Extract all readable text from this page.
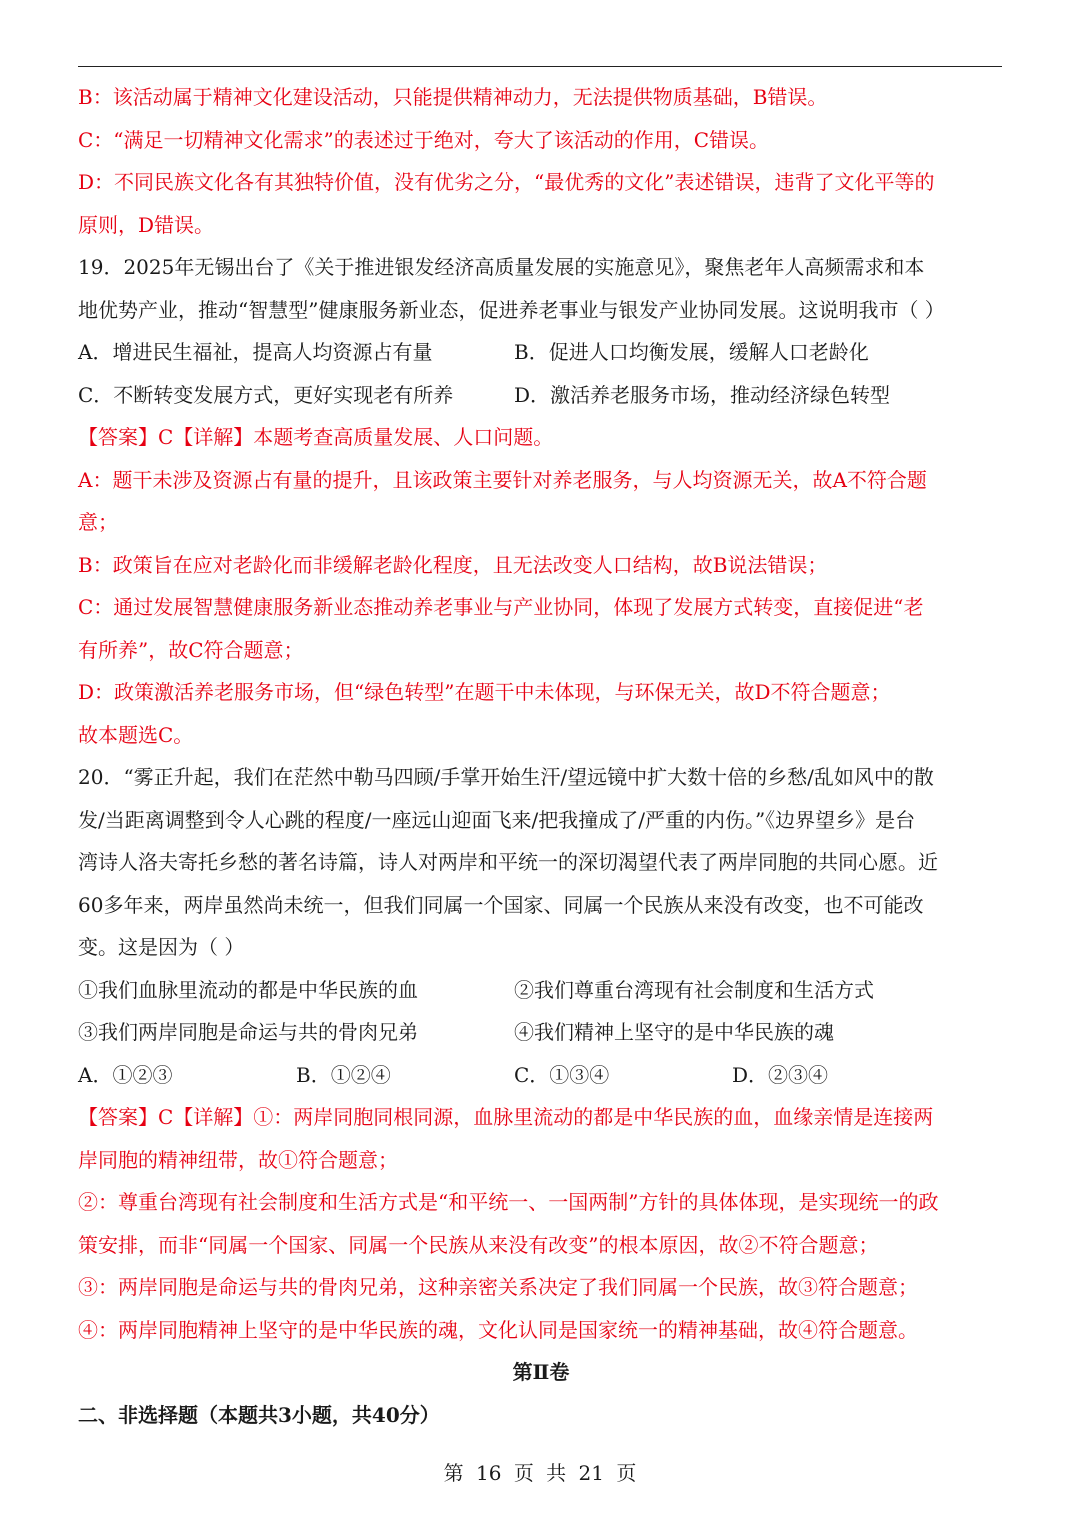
B：该活动属于精神文化建设活动，只能提供精神动力，无法提供物质基础，B错误。

C：“满足一切精神文化需求”的表述过于绝对，夸大了该活动的作用，C错误。

D：不同民族文化各有其独特价值，没有优劣之分，“最优秀的文化”表述错误，违背了文化平等的

原则，D错误。

19．2025年无锡出台了《关于推进银发经济高质量发展的实施意见》，聚焦老年人高频需求和本

地优势产业，推动“智慧型”健康服务新业态，促进养老事业与银发产业协同发展。这说明我市（ ）

A．增进民生福祉，提高人均资源占有量	B．促进人口均衡发展，缓解人口老龄化
C．不断转变发展方式，更好实现老有所养	D．激活养老服务市场，推动经济绿色转型

【答案】C【详解】本题考查高质量发展、人口问题。

A：题干未涉及资源占有量的提升，且该政策主要针对养老服务，与人均资源无关，故A不符合题

意；

B：政策旨在应对老龄化而非缓解老龄化程度，且无法改变人口结构，故B说法错误；

C：通过发展智慧健康服务新业态推动养老事业与产业协同，体现了发展方式转变，直接促进“老

有所养”，故C符合题意；

D：政策激活养老服务市场，但“绿色转型”在题干中未体现，与环保无关，故D不符合题意；

故本题选C。

20．“雾正升起，我们在茫然中勒马四顾/手掌开始生汗/望远镜中扩大数十倍的乡愁/乱如风中的散

发/当距离调整到令人心跳的程度/一座远山迎面飞来/把我撞成了/严重的内伤。”《边界望乡》是台

湾诗人洛夫寄托乡愁的著名诗篇，诗人对两岸和平统一的深切渴望代表了两岸同胞的共同心愿。近

60多年来，两岸虽然尚未统一，但我们同属一个国家、同属一个民族从来没有改变，也不可能改

变。这是因为（ ）

①我们血脉里流动的都是中华民族的血	②我们尊重台湾现有社会制度和生活方式
③我们两岸同胞是命运与共的骨肉兄弟	④我们精神上坚守的是中华民族的魂
A．①②③	B．①②④	C．①③④	D．②③④

【答案】C【详解】①：两岸同胞同根同源，血脉里流动的都是中华民族的血，血缘亲情是连接两

岸同胞的精神纽带，故①符合题意；

②：尊重台湾现有社会制度和生活方式是“和平统一、一国两制”方针的具体体现，是实现统一的政

策安排，而非“同属一个国家、同属一个民族从来没有改变”的根本原因，故②不符合题意；

③：两岸同胞是命运与共的骨肉兄弟，这种亲密关系决定了我们同属一个民族，故③符合题意；

④：两岸同胞精神上坚守的是中华民族的魂，文化认同是国家统一的精神基础，故④符合题意。

第Ⅱ卷

二、非选择题（本题共3小题，共40分）

第 16 页 共 21 页
